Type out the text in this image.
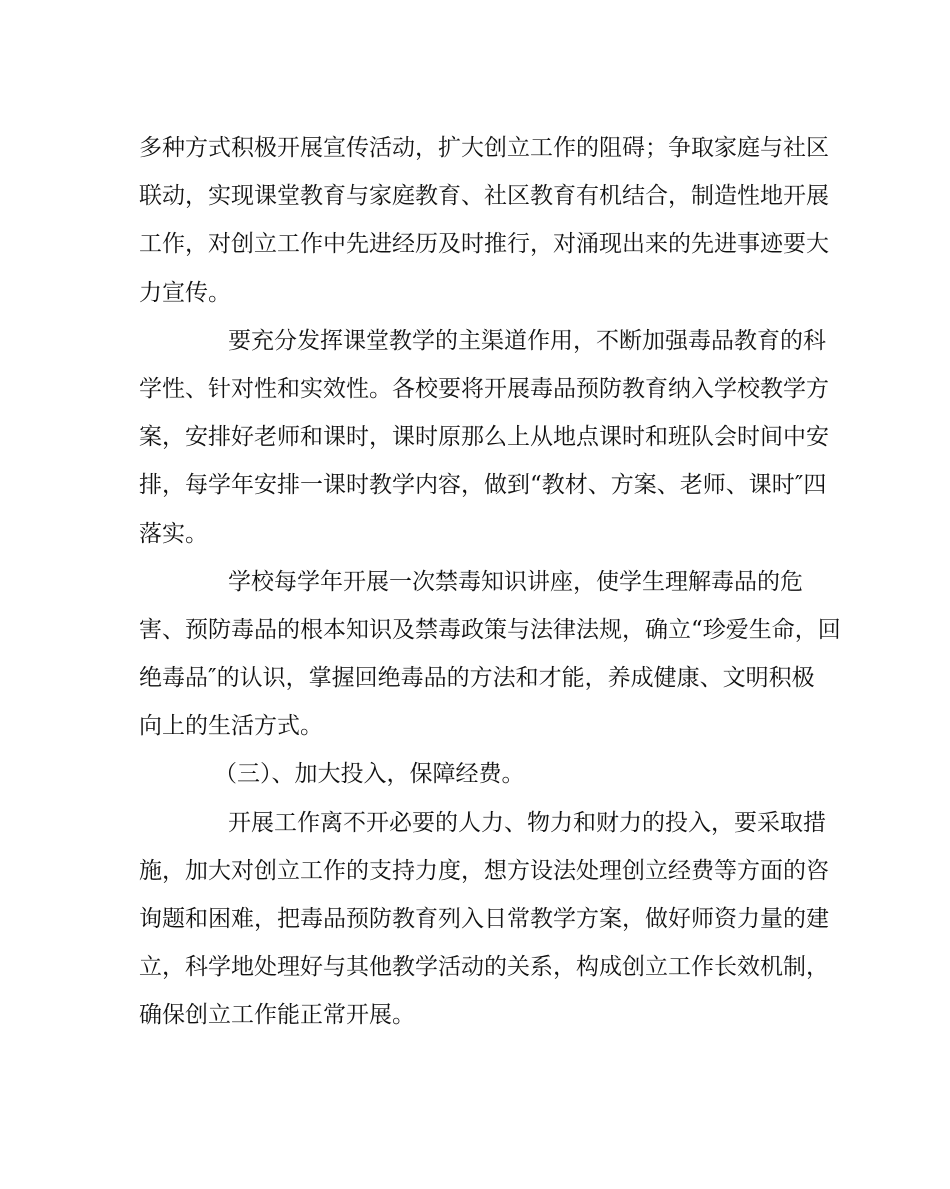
多种方式积极开展宣传活动，扩大创立工作的阻碍；争取家庭与社区
联动，实现课堂教育与家庭教育、社区教育有机结合，制造性地开展
工作，对创立工作中先进经历及时推行，对涌现出来的先进事迹要大
力宣传。
要充分发挥课堂教学的主渠道作用，不断加强毒品教育的科
学性、针对性和实效性。各校要将开展毒品预防教育纳入学校教学方
案，安排好老师和课时，课时原那么上从地点课时和班队会时间中安
排，每学年安排一课时教学内容，做到“教材、方案、老师、课时″四
落实。
学校每学年开展一次禁毒知识讲座，使学生理解毒品的危
害、预防毒品的根本知识及禁毒政策与法律法规，确立“珍爱生命，回
绝毒品″的认识，掌握回绝毒品的方法和才能，养成健康、文明积极
向上的生活方式。
（三）、加大投入，保障经费。
开展工作离不开必要的人力、物力和财力的投入，要采取措
施，加大对创立工作的支持力度，想方设法处理创立经费等方面的咨
询题和困难，把毒品预防教育列入日常教学方案，做好师资力量的建
立，科学地处理好与其他教学活动的关系，构成创立工作长效机制，
确保创立工作能正常开展。
